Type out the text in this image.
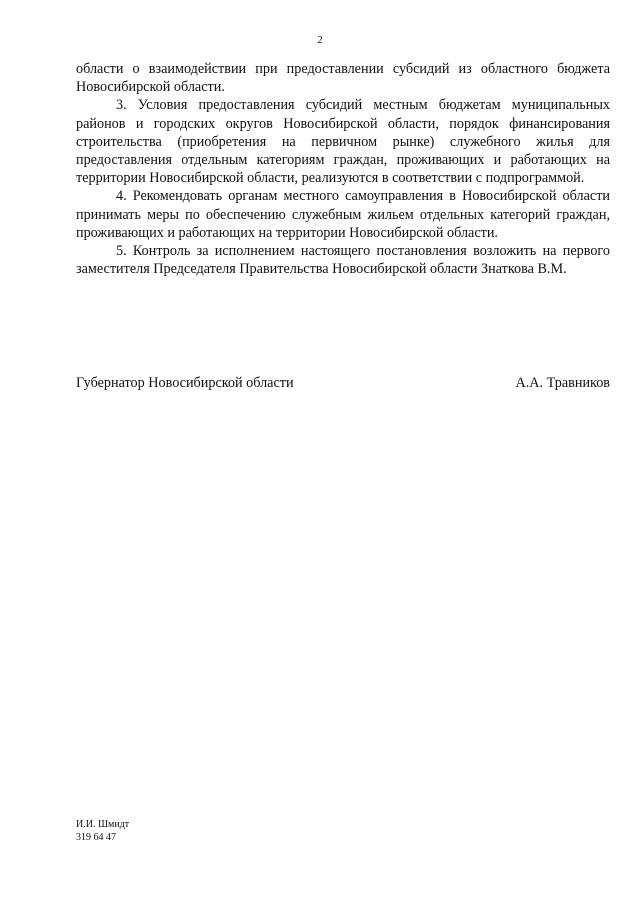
2

области о взаимодействии при предоставлении субсидий из областного бюджета Новосибирской области.

3. Условия предоставления субсидий местным бюджетам муниципальных районов и городских округов Новосибирской области, порядок финансирования строительства (приобретения на первичном рынке) служебного жилья для предоставления отдельным категориям граждан, проживающих и работающих на территории Новосибирской области, реализуются в соответствии с подпрограммой.

4. Рекомендовать органам местного самоуправления в Новосибирской области принимать меры по обеспечению служебным жильем отдельных категорий граждан, проживающих и работающих на территории Новосибирской области.

5. Контроль за исполнением настоящего постановления возложить на первого заместителя Председателя Правительства Новосибирской области Знаткова В.М.

Губернатор Новосибирской области	А.А. Травников
И.И. Шмидт
319 64 47
